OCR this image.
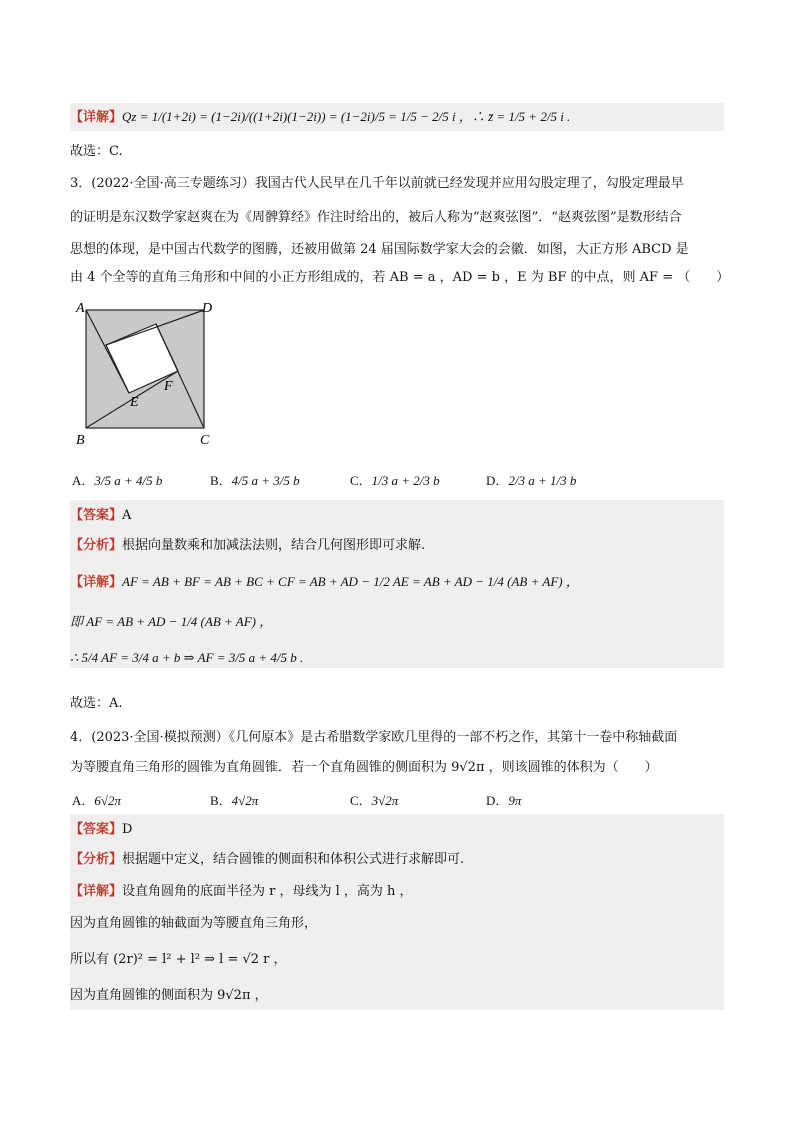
【详解】Qz = 1/(1+2i) = (1−2i)/((1+2i)(1−2i)) = (1−2i)/5 = 1/5 − 2/5 i ，∴ z̄ = 1/5 + 2/5 i .
故选：C.
3．(2022·全国·高三专题练习）我国古代人民早在几千年以前就已经发现并应用勾股定理了，勾股定理最早
的证明是东汉数学家赵爽在为《周髀算经》作注时给出的，被后人称为“赵爽弦图”．“赵爽弦图”是数形结合
思想的体现，是中国古代数学的图腾，还被用做第 24 届国际数学家大会的会徽．如图，大正方形 ABCD 是
由 4 个全等的直角三角形和中间的小正方形组成的，若 AB = a ，AD = b ，E 为 BF 的中点，则 AF = （　　）
A	D
B	C
E
F
A．3/5 a + 4/5 b	B．4/5 a + 3/5 b	C．1/3 a + 2/3 b	D．2/3 a + 1/3 b
【答案】A
【分析】根据向量数乘和加减法法则，结合几何图形即可求解.
【详解】AF = AB + BF = AB + BC + CF = AB + AD − 1/2 AE = AB + AD − 1/4 (AB + AF) ，
即 AF = AB + AD − 1/4 (AB + AF) ，
∴ 5/4 AF = 3/4 a + b ⇒ AF = 3/5 a + 4/5 b .
故选：A.
4．(2023·全国·模拟预测）《几何原本》是古希腊数学家欧几里得的一部不朽之作，其第十一卷中称轴截面
为等腰直角三角形的圆锥为直角圆锥．若一个直角圆锥的侧面积为 9√2π ，则该圆锥的体积为（　　）
A．6√2π	B．4√2π	C．3√2π	D．9π
【答案】D
【分析】根据题中定义，结合圆锥的侧面积和体积公式进行求解即可.
【详解】设直角圆角的底面半径为 r ，母线为 l ，高为 h ，
因为直角圆锥的轴截面为等腰直角三角形，
所以有 (2r)² = l² + l² ⇒ l = √2 r ，
因为直角圆锥的侧面积为 9√2π ，
